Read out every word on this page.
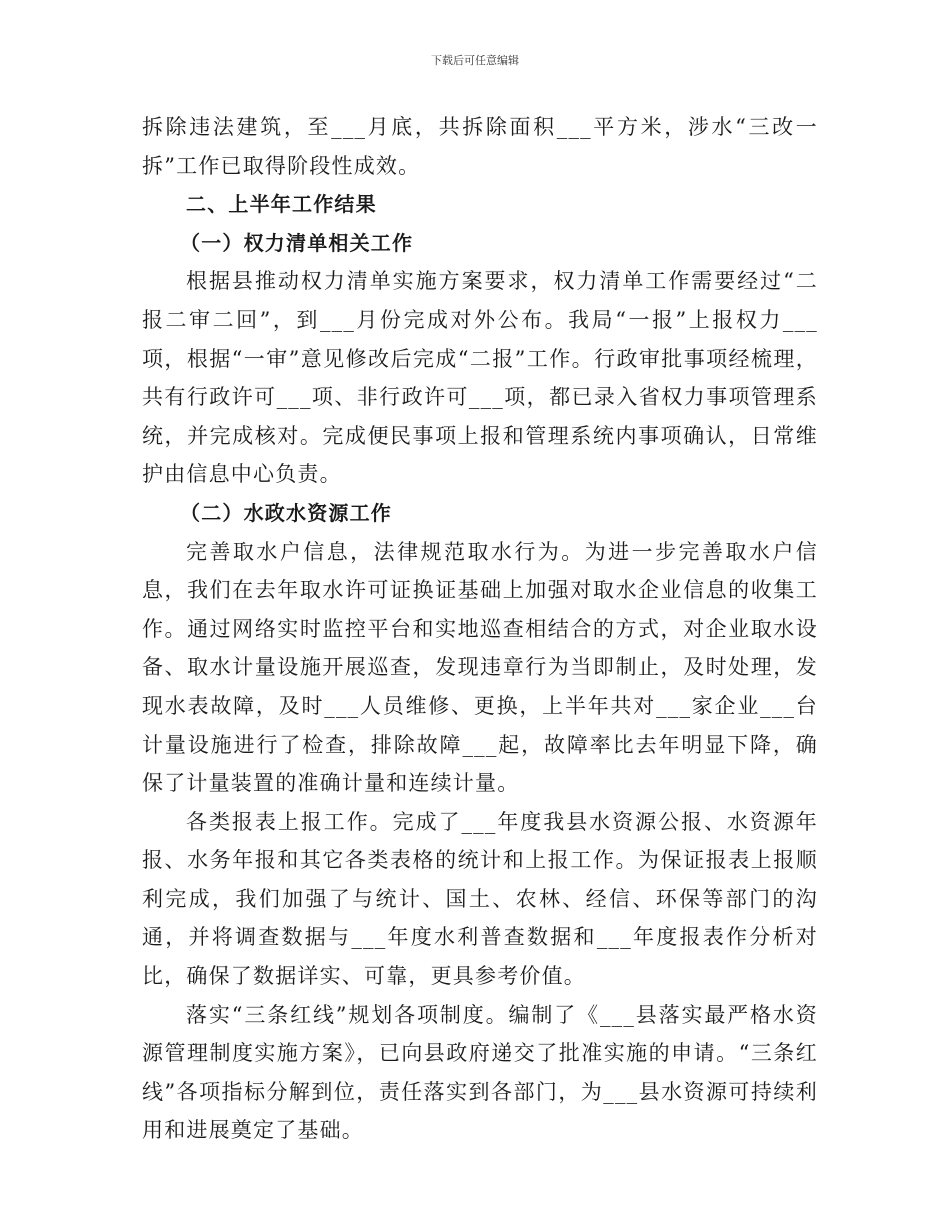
下载后可任意编辑

拆除违法建筑，至___月底，共拆除面积___平方米，涉水“三改一拆”工作已取得阶段性成效。

二、上半年工作结果

（一）权力清单相关工作

根据县推动权力清单实施方案要求，权力清单工作需要经过“二报二审二回”，到___月份完成对外公布。我局“一报”上报权力___项，根据“一审”意见修改后完成“二报”工作。行政审批事项经梳理，共有行政许可___项、非行政许可___项，都已录入省权力事项管理系统，并完成核对。完成便民事项上报和管理系统内事项确认，日常维护由信息中心负责。

（二）水政水资源工作

完善取水户信息，法律规范取水行为。为进一步完善取水户信息，我们在去年取水许可证换证基础上加强对取水企业信息的收集工作。通过网络实时监控平台和实地巡查相结合的方式，对企业取水设备、取水计量设施开展巡查，发现违章行为当即制止，及时处理，发现水表故障，及时___人员维修、更换，上半年共对___家企业___台计量设施进行了检查，排除故障___起，故障率比去年明显下降，确保了计量装置的准确计量和连续计量。

各类报表上报工作。完成了___年度我县水资源公报、水资源年报、水务年报和其它各类表格的统计和上报工作。为保证报表上报顺利完成，我们加强了与统计、国土、农林、经信、环保等部门的沟通，并将调查数据与___年度水利普查数据和___年度报表作分析对比，确保了数据详实、可靠，更具参考价值。

落实“三条红线”规划各项制度。编制了《___县落实最严格水资源管理制度实施方案》，已向县政府递交了批准实施的申请。“三条红线”各项指标分解到位，责任落实到各部门，为___县水资源可持续利用和进展奠定了基础。
